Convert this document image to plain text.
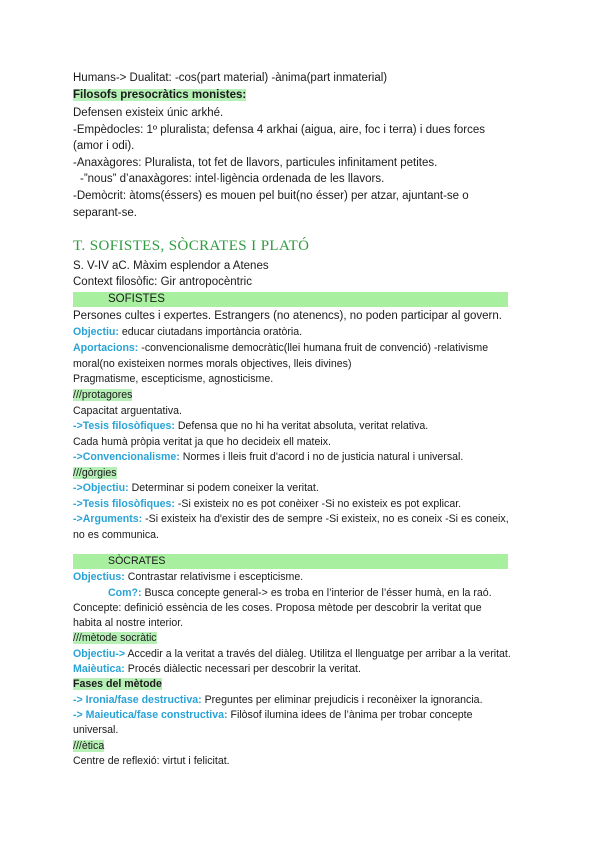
Humans-> Dualitat: -cos(part material) -ànima(part inmaterial)
Filosofs presocràtics monistes:
Defensen existeix únic arkhé.
-Empèdocles: 1º pluralista; defensa 4 arkhai (aigua, aire, foc i terra) i dues forces
(amor i odi).
-Anaxàgores: Pluralista, tot fet de llavors, particules infinitament petites.
-”nous” d’anaxàgores: intel·ligència ordenada de les llavors.
-Demòcrit: àtoms(éssers) es mouen pel buit(no ésser) per atzar, ajuntant-se o
separant-se.
T. SOFISTES, SÒCRATES I PLATÓ
S. V-IV aC. Màxim esplendor a Atenes
Context filosòfic: Gir antropocèntric
SOFISTES
Persones cultes i expertes. Estrangers (no atenencs), no poden participar al govern.
Objectiu: educar ciutadans importància oratòria.
Aportacions: -convencionalisme democràtic(llei humana fruit de convenció) -relativisme
moral(no existeixen normes morals objectives, lleis divines)
Pragmatisme, escepticisme, agnosticisme.
///protagores
Capacitat arguentativa.
->Tesis filosòfiques: Defensa que no hi ha veritat absoluta, veritat relativa.
Cada humà pròpia veritat ja que ho decideix ell mateix.
->Convencionalisme: Normes i lleis fruit d'acord i no de justicia natural i universal.
///gòrgies
->Objectiu: Determinar si podem coneixer la veritat.
->Tesis filosòfiques: -Si existeix no es pot conèixer -Si no existeix es pot explicar.
->Arguments: -Si existeix ha d'existir des de sempre -Si existeix, no es coneix -Si es coneix,
no es communica.
SÒCRATES
Objectius: Contrastar relativisme i escepticisme.
Com?: Busca concepte general-> es troba en l’interior de l’ésser humà, en la raó.
Concepte: definició essència de les coses. Proposa mètode per descobrir la veritat que
habita al nostre interior.
///mètode socràtic
Objectiu-> Accedir a la veritat a través del diàleg. Utilitza el llenguatge per arribar a la veritat.
Maièutica: Procés diàlectic necessari per descobrir la veritat.
Fases del mètode
-> Ironia/fase destructiva: Preguntes per eliminar prejudicis i reconèixer la ignorancia.
-> Maieutica/fase constructiva: Filòsof ilumina idees de l’ànima per trobar concepte
universal.
///ètica
Centre de reflexió: virtut i felicitat.
